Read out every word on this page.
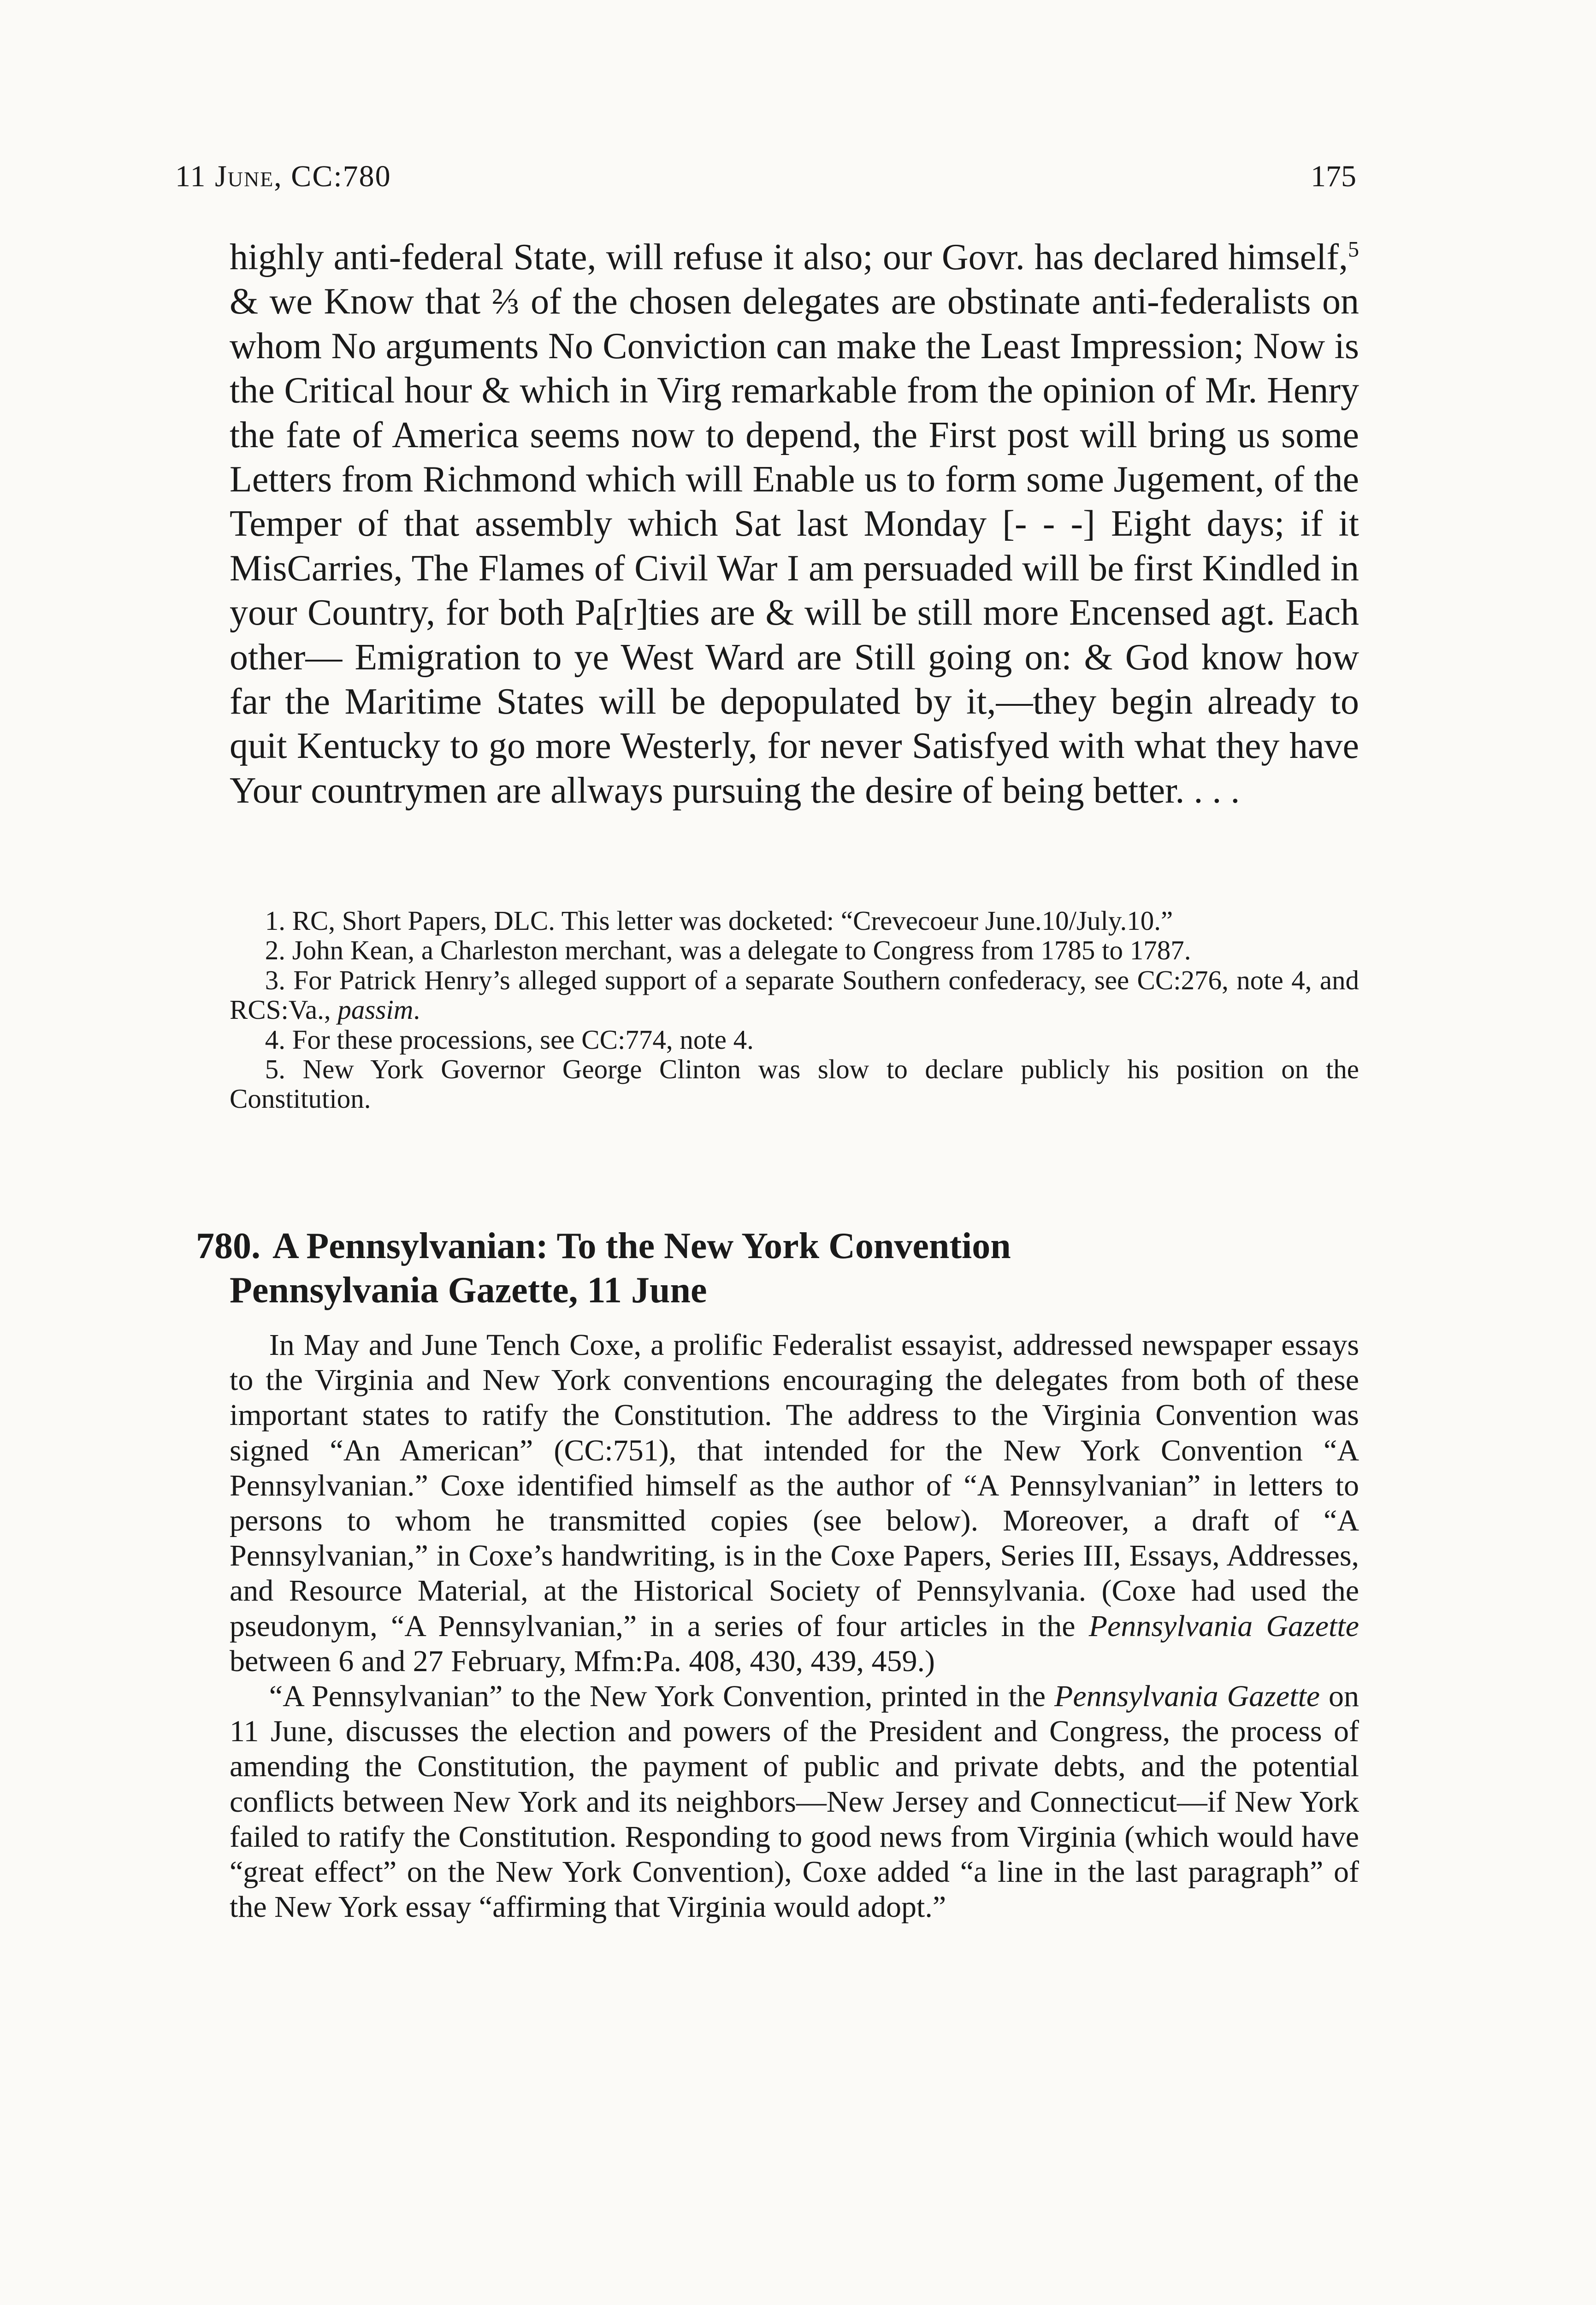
11 June, CC:780	175

highly anti-federal State, will refuse it also; our Govr. has declared himself,$^5$ & we Know that ⅔ of the chosen delegates are obstinate anti-federalists on whom No arguments No Conviction can make the Least Impression; Now is the Critical hour & which in Virg remarkable from the opinion of Mr. Henry the fate of America seems now to depend, the First post will bring us some Letters from Richmond which will Enable us to form some Jugement, of the Temper of that assembly which Sat last Monday [- - -] Eight days; if it MisCarries, The Flames of Civil War I am persuaded will be first Kindled in your Country, for both Pa[r]ties are & will be still more Encensed agt. Each other— Emigration to ye West Ward are Still going on: & God know how far the Maritime States will be depopulated by it,—they begin already to quit Kentucky to go more Westerly, for never Satisfyed with what they have Your countrymen are allways pursuing the desire of being better. . . .

1. RC, Short Papers, DLC. This letter was docketed: “Crevecoeur June.10/July.10.”

2. John Kean, a Charleston merchant, was a delegate to Congress from 1785 to 1787.

3. For Patrick Henry’s alleged support of a separate Southern confederacy, see CC:276, note 4, and RCS:Va., passim.

4. For these processions, see CC:774, note 4.

5. New York Governor George Clinton was slow to declare publicly his position on the Constitution.

780. A Pennsylvanian: To the New York Convention
Pennsylvania Gazette, 11 June

In May and June Tench Coxe, a prolific Federalist essayist, addressed newspaper essays to the Virginia and New York conventions encouraging the delegates from both of these important states to ratify the Constitution. The address to the Virginia Convention was signed “An American” (CC:751), that intended for the New York Convention “A Pennsylvanian.” Coxe identified himself as the author of “A Pennsylvanian” in letters to persons to whom he transmitted copies (see below). Moreover, a draft of “A Pennsylvanian,” in Coxe’s handwriting, is in the Coxe Papers, Series III, Essays, Addresses, and Resource Material, at the Historical Society of Pennsylvania. (Coxe had used the pseudonym, “A Pennsylvanian,” in a series of four articles in the Pennsylvania Gazette between 6 and 27 February, Mfm:Pa. 408, 430, 439, 459.)

“A Pennsylvanian” to the New York Convention, printed in the Pennsylvania Gazette on 11 June, discusses the election and powers of the President and Congress, the process of amending the Constitution, the payment of public and private debts, and the potential conflicts between New York and its neighbors—New Jersey and Connecticut—if New York failed to ratify the Constitution. Responding to good news from Virginia (which would have “great effect” on the New York Convention), Coxe added “a line in the last paragraph” of the New York essay “affirming that Virginia would adopt.”
